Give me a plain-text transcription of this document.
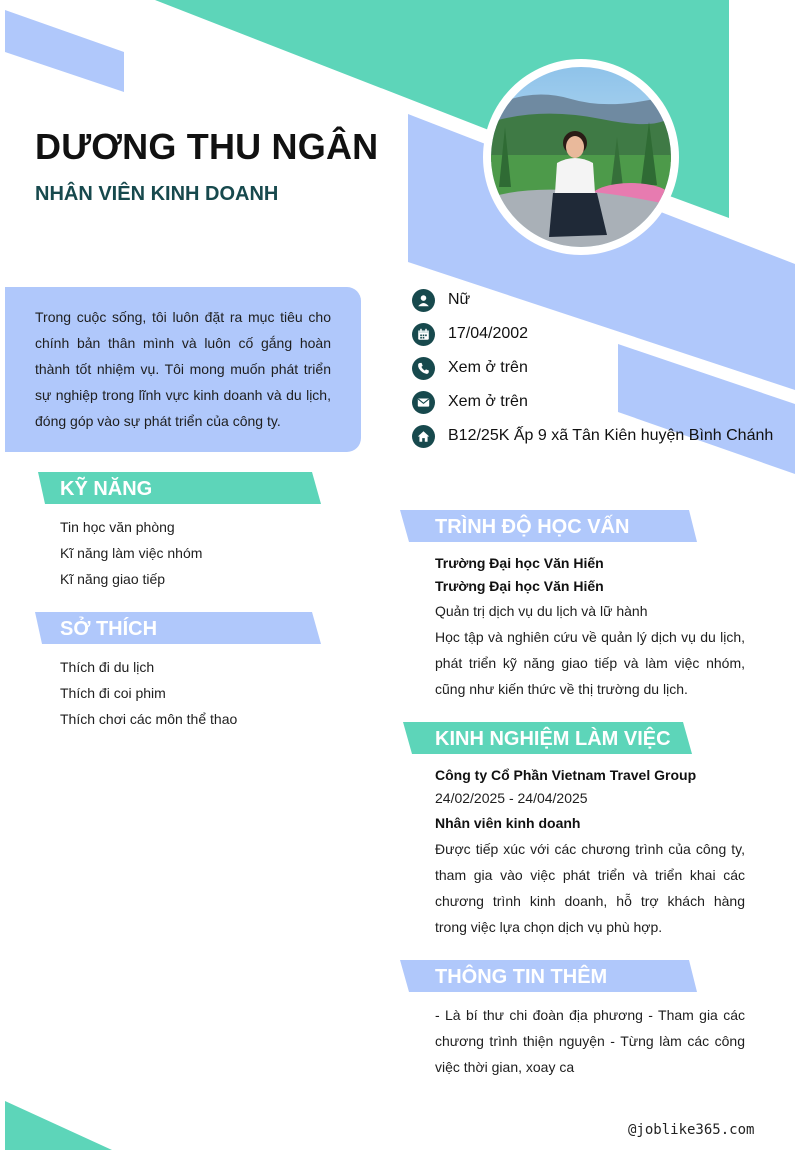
DƯƠNG THU NGÂN
NHÂN VIÊN KINH DOANH
Trong cuộc sống, tôi luôn đặt ra mục tiêu cho chính bản thân mình và luôn cố gắng hoàn thành tốt nhiệm vụ. Tôi mong muốn phát triển sự nghiệp trong lĩnh vực kinh doanh và du lịch, đóng góp vào sự phát triển của công ty.
Nữ
17/04/2002
Xem ở trên
Xem ở trên
B12/25K Ấp 9 xã Tân Kiên huyện Bình Chánh
KỸ NĂNG
Tin học văn phòng
Kĩ năng làm việc nhóm
Kĩ năng giao tiếp
SỞ THÍCH
Thích đi du lịch
Thích đi coi phim
Thích chơi các môn thể thao
TRÌNH ĐỘ HỌC VẤN
Trường Đại học Văn Hiến
Trường Đại học Văn Hiến
Quản trị dịch vụ du lịch và lữ hành
Học tập và nghiên cứu về quản lý dịch vụ du lịch, phát triển kỹ năng giao tiếp và làm việc nhóm, cũng như kiến thức về thị trường du lịch.
KINH NGHIỆM LÀM VIỆC
Công ty Cổ Phần Vietnam Travel Group
24/02/2025 - 24/04/2025
Nhân viên kinh doanh
Được tiếp xúc với các chương trình của công ty, tham gia vào việc phát triển và triển khai các chương trình kinh doanh, hỗ trợ khách hàng trong việc lựa chọn dịch vụ phù hợp.
THÔNG TIN THÊM
- Là bí thư chi đoàn địa phương - Tham gia các chương trình thiện nguyện - Từng làm các công việc thời gian, xoay ca
@joblike365.com
